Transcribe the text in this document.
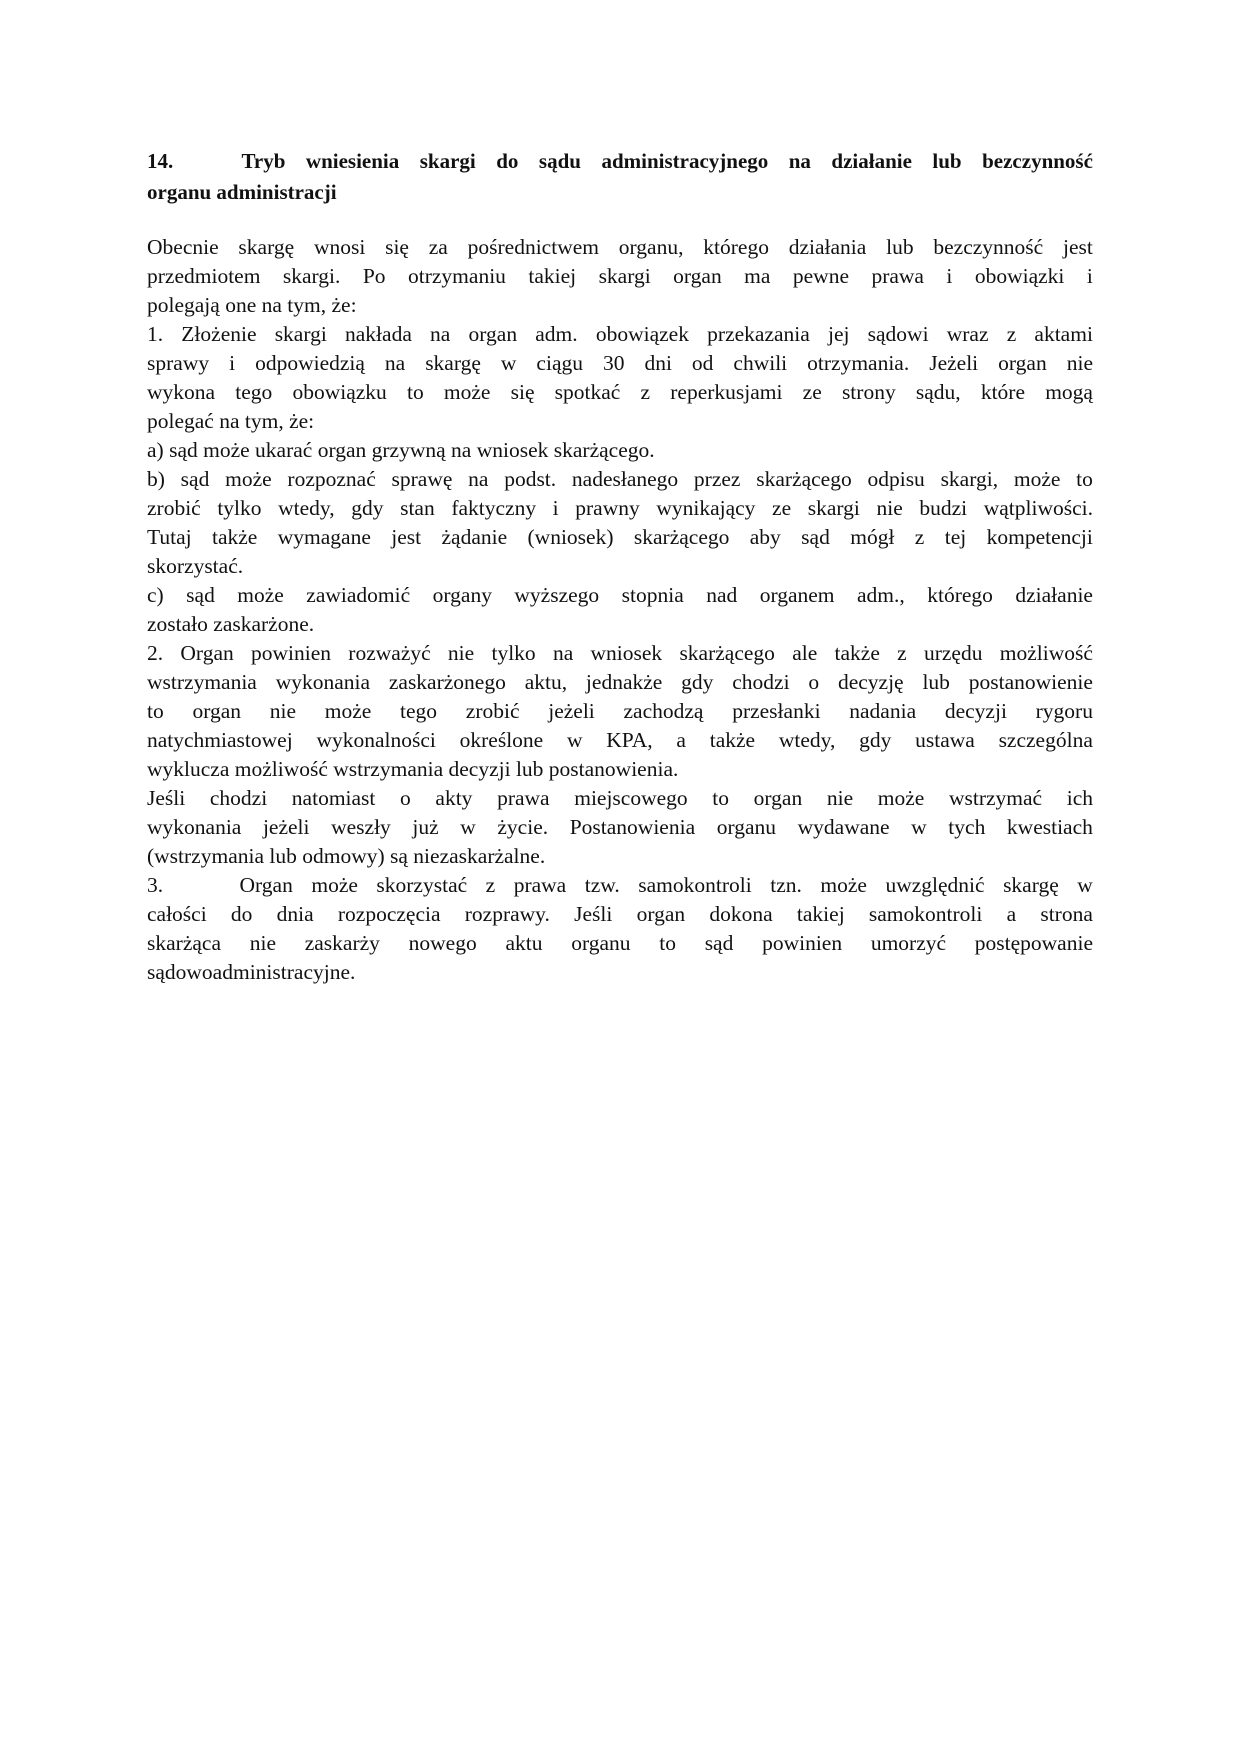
14.	Tryb wniesienia skargi do sądu administracyjnego na działanie lub bezczynność
organu administracji
Obecnie skargę wnosi się za pośrednictwem organu, którego działania lub bezczynność jest
przedmiotem skargi. Po otrzymaniu takiej skargi organ ma pewne prawa i obowiązki i
polegają one na tym, że:
1. Złożenie skargi nakłada na organ adm. obowiązek przekazania jej sądowi wraz z aktami
sprawy i odpowiedzią na skargę w ciągu 30 dni od chwili otrzymania. Jeżeli organ nie
wykona tego obowiązku to może się spotkać z reperkusjami ze strony sądu, które mogą
polegać na tym, że:
a) sąd może ukarać organ grzywną na wniosek skarżącego.
b) sąd może rozpoznać sprawę na podst. nadesłanego przez skarżącego odpisu skargi, może to
zrobić tylko wtedy, gdy stan faktyczny i prawny wynikający ze skargi nie budzi wątpliwości.
Tutaj także wymagane jest żądanie (wniosek) skarżącego aby sąd mógł z tej kompetencji
skorzystać.
c) sąd może zawiadomić organy wyższego stopnia nad organem adm., którego działanie
zostało zaskarżone.
2. Organ powinien rozważyć nie tylko na wniosek skarżącego ale także z urzędu możliwość
wstrzymania wykonania zaskarżonego aktu, jednakże gdy chodzi o decyzję lub postanowienie
to organ nie może tego zrobić jeżeli zachodzą przesłanki nadania decyzji rygoru
natychmiastowej wykonalności określone w KPA, a także wtedy, gdy ustawa szczególna
wyklucza możliwość wstrzymania decyzji lub postanowienia.
Jeśli chodzi natomiast o akty prawa miejscowego to organ nie może wstrzymać ich
wykonania jeżeli weszły już w życie. Postanowienia organu wydawane w tych kwestiach
(wstrzymania lub odmowy) są niezaskarżalne.
3.	Organ może skorzystać z prawa tzw. samokontroli tzn. może uwzględnić skargę w
całości do dnia rozpoczęcia rozprawy. Jeśli organ dokona takiej samokontroli a strona
skarżąca nie zaskarży nowego aktu organu to sąd powinien umorzyć postępowanie
sądowoadministracyjne.
